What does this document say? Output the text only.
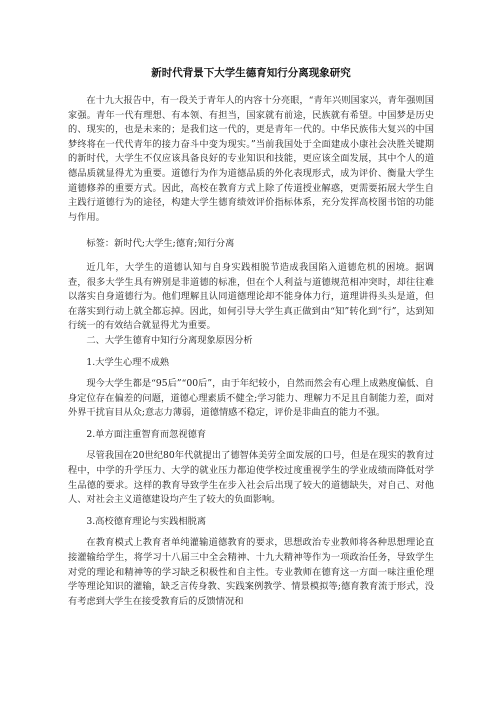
新时代背景下大学生德育知行分离现象研究

在十九大报告中，有一段关于青年人的内容十分亮眼，“青年兴则国家兴，青年强则国家强。青年一代有理想、有本领、有担当，国家就有前途，民族就有希望。中国梦是历史的、现实的，也是未来的；是我们这一代的，更是青年一代的。中华民族伟大复兴的中国梦终将在一代代青年的接力奋斗中变为现实。”当前我国处于全面建成小康社会决胜关键期的新时代，大学生不仅应该具备良好的专业知识和技能，更应该全面发展，其中个人的道德品质就显得尤为重要。道德行为作为道德品质的外化表现形式，成为评价、衡量大学生道德修养的重要方式。因此，高校在教育方式上除了传道授业解惑，更需要拓展大学生自主践行道德行为的途径，构建大学生德育绩效评价指标体系，充分发挥高校图书馆的功能与作用。

标签：新时代;大学生;德育;知行分离

近几年，大学生的道德认知与自身实践相脱节造成我国陷入道德危机的困境。据调查，很多大学生具有辨别是非道德的标准，但在个人利益与道德规范相冲突时，却往往难以落实自身道德行为。他们理解且认同道德理论却不能身体力行，道理讲得头头是道，但在落实到行动上就全都忘掉。因此，如何引导大学生真正做到由“知”转化到“行”，达到知行统一的有效结合就显得尤为重要。

二、大学生德育中知行分离现象原因分析

1.大学生心理不成熟

现今大学生都是“95后”“00后”，由于年纪较小，自然而然会有心理上成熟度偏低、自身定位存在偏差的问题，道德心理素质不健全;学习能力、理解力不足且自制能力差，面对外界干扰盲目从众;意志力薄弱，道德情感不稳定，评价是非曲直的能力不强。

2.单方面注重智育而忽视德育

尽管我国在20世纪80年代就提出了德智体美劳全面发展的口号，但是在现实的教育过程中，中学的升学压力、大学的就业压力都迫使学校过度重视学生的学业成绩而降低对学生品德的要求。这样的教育导致学生在步入社会后出现了较大的道德缺失，对自己、对他人、对社会主义道德建设均产生了较大的负面影响。

3.高校德育理论与实践相脱离

在教育模式上教育者单纯灌输道德教育的要求，思想政治专业教师将各种思想理论直接灌输给学生，将学习十八届三中全会精神、十九大精神等作为一项政治任务，导致学生对党的理论和精神等的学习缺乏积极性和自主性。专业教师在德育这一方面一味注重伦理学等理论知识的灌输，缺乏言传身教、实践案例教学、情景模拟等;德育教育流于形式，没有考虑到大学生在接受教育后的反馈情况和
